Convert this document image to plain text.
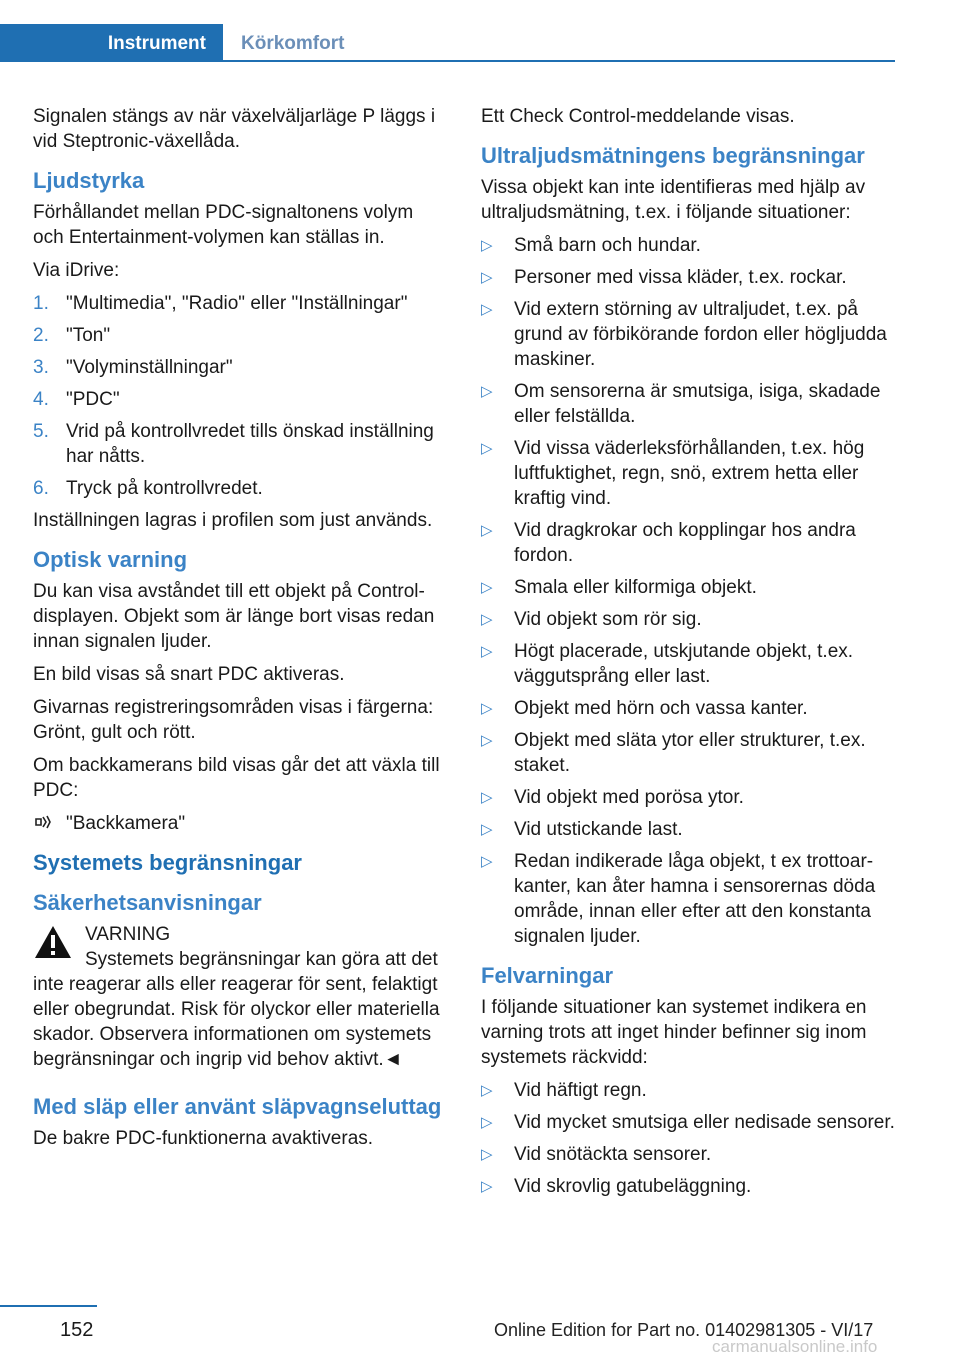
Instrument Körkomfort

Signalen stängs av när växelväljarläge P läggs i vid Steptronic-växellåda.

Ljudstyrka

Förhållandet mellan PDC-signaltonens volym och Entertainment-volymen kan ställas in.

Via iDrive:

1. "Multimedia", "Radio" eller "Inställningar"
2. "Ton"
3. "Volyminställningar"
4. "PDC"
5. Vrid på kontrollvredet tills önskad inställning har nåtts.
6. Tryck på kontrollvredet.

Inställningen lagras i profilen som just används.

Optisk varning

Du kan visa avståndet till ett objekt på Control-displayen. Objekt som är länge bort visas redan innan signalen ljuder.

En bild visas så snart PDC aktiveras.

Givarnas registreringsområden visas i färgerna: Grönt, gult och rött.

Om backkamerans bild visas går det att växla till PDC:

"Backkamera"
Systemets begränsningar
Säkerhetsanvisningar
VARNING
Systemets begränsningar kan göra att det inte reagerar alls eller reagerar för sent, felaktigt eller obegrundat. Risk för olyckor eller materiella skador. Observera informationen om systemets begränsningar och ingrip vid behov aktivt.◄
Med släp eller använt släpvagnseluttag

De bakre PDC-funktionerna avaktiveras.

Ett Check Control-meddelande visas.

Ultraljudsmätningens begränsningar

Vissa objekt kan inte identifieras med hjälp av ultraljudsmätning, t.ex. i följande situationer:

▷ Små barn och hundar.
▷ Personer med vissa kläder, t.ex. rockar.
▷ Vid extern störning av ultraljudet, t.ex. på grund av förbikörande fordon eller högljudda maskiner.
▷ Om sensorerna är smutsiga, isiga, skadade eller felställda.
▷ Vid vissa väderleksförhållanden, t.ex. hög luftfuktighet, regn, snö, extrem hetta eller kraftig vind.
▷ Vid dragkrokar och kopplingar hos andra fordon.
▷ Smala eller kilformiga objekt.
▷ Vid objekt som rör sig.
▷ Högt placerade, utskjutande objekt, t.ex. väggutsprång eller last.
▷ Objekt med hörn och vassa kanter.
▷ Objekt med släta ytor eller strukturer, t.ex. staket.
▷ Vid objekt med porösa ytor.
▷ Vid utstickande last.
▷ Redan indikerade låga objekt, t ex trottoarkanter, kan åter hamna i sensorernas döda område, innan eller efter att den konstanta signalen ljuder.
Felvarningar

I följande situationer kan systemet indikera en varning trots att inget hinder befinner sig inom systemets räckvidd:

▷ Vid häftigt regn.
▷ Vid mycket smutsiga eller nedisade sensorer.
▷ Vid snötäckta sensorer.
▷ Vid skrovlig gatubeläggning.
152	Online Edition for Part no. 01402981305 - VI/17
carmanualsonline.info
